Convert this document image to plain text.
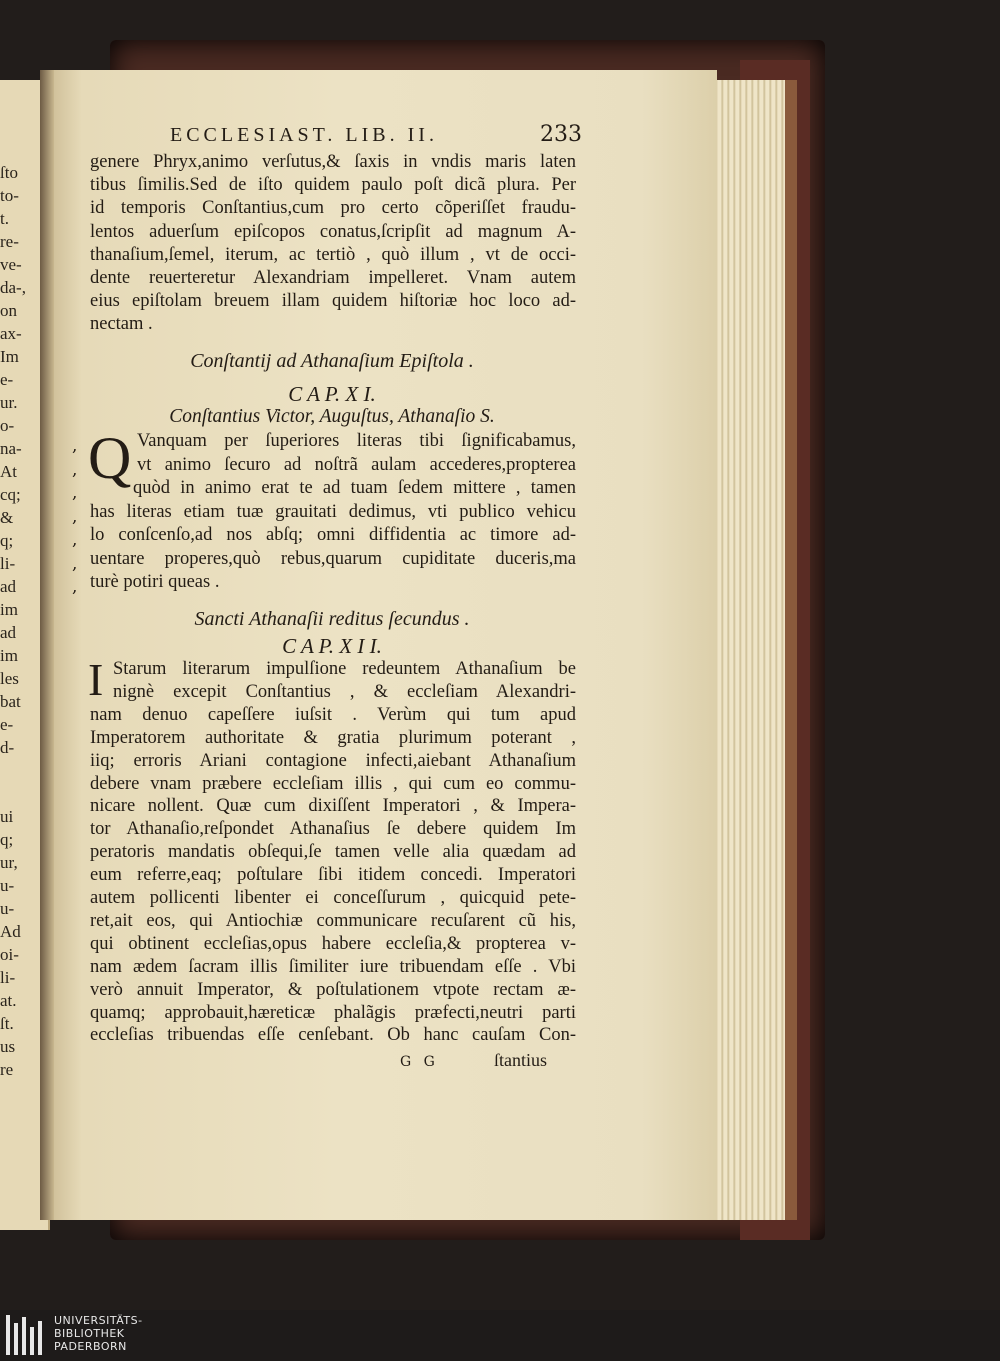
ſto
to-
t.
re-
ve-
da-,
on
ax-
Im
e-
ur.
o-
na-
At
cq;
&
q;
li-
ad
im
ad
im
les
bat
e-
d-
ui
q;
ur,
u-
u-
Ad
oi-
li-
at.
ſt.
us
re
ECCLESIAST. LIB. II.	233
genere Phryx,animo verſutus,& ſaxis in vndis maris laten
tibus ſimilis.Sed de iſto quidem paulo poſt dicã plura. Per
id temporis Conſtantius,cum pro certo cõperiſſet fraudu-
lentos aduerſum epiſcopos conatus,ſcripſit ad magnum A-
thanaſium,ſemel, iterum, ac tertiò , quò illum , vt de occi-
dente reuerteretur Alexandriam impelleret. Vnam autem
eius epiſtolam breuem illam quidem hiſtoriæ hoc loco ad-
nectam .
Conſtantij ad Athanaſium Epiſtola .
C A P. X I.
Conſtantius Victor, Auguſtus, Athanaſio S.
Q Vanquam per ſuperiores literas tibi ſignificabamus,
vt animo ſecuro ad noſtrã aulam accederes,propterea
quòd in animo erat te ad tuam ſedem mittere , tamen
has literas etiam tuæ grauitati dedimus, vti publico vehicu
lo conſcenſo,ad nos abſq; omni diffidentia ac timore ad-
uentare properes,quò rebus,quarum cupiditate duceris,ma
turè potiri queas .
,
,
,
,
,
,
,
Sancti Athanaſii reditus ſecundus .
C A P. X I I.
I Starum literarum impulſione redeuntem Athanaſium be
nignè excepit Conſtantius , & eccleſiam Alexandri-
nam denuo capeſſere iuſsit . Verùm qui tum apud
Imperatorem authoritate & gratia plurimum poterant ,
iiq; erroris Ariani contagione infecti,aiebant Athanaſium
debere vnam præbere eccleſiam illis , qui cum eo commu-
nicare nollent. Quæ cum dixiſſent Imperatori , & Impera-
tor Athanaſio,reſpondet Athanaſius ſe debere quidem Im
peratoris mandatis obſequi,ſe tamen velle alia quædam ad
eum referre,eaq; poſtulare ſibi itidem concedi. Imperatori
autem pollicenti libenter ei conceſſurum , quicquid pete-
ret,ait eos, qui Antiochiæ communicare recuſarent cũ his,
qui obtinent eccleſias,opus habere eccleſia,& propterea v-
nam ædem ſacram illis ſimiliter iure tribuendam eſſe . Vbi
verò annuit Imperator, & poſtulationem vtpote rectam æ-
quamq; approbauit,hæreticæ phalãgis præfecti,neutri parti
eccleſias tribuendas eſſe cenſebant. Ob hanc cauſam Con-
G G	ſtantius
UNIVERSITÄTS-
BIBLIOTHEK
PADERBORN
